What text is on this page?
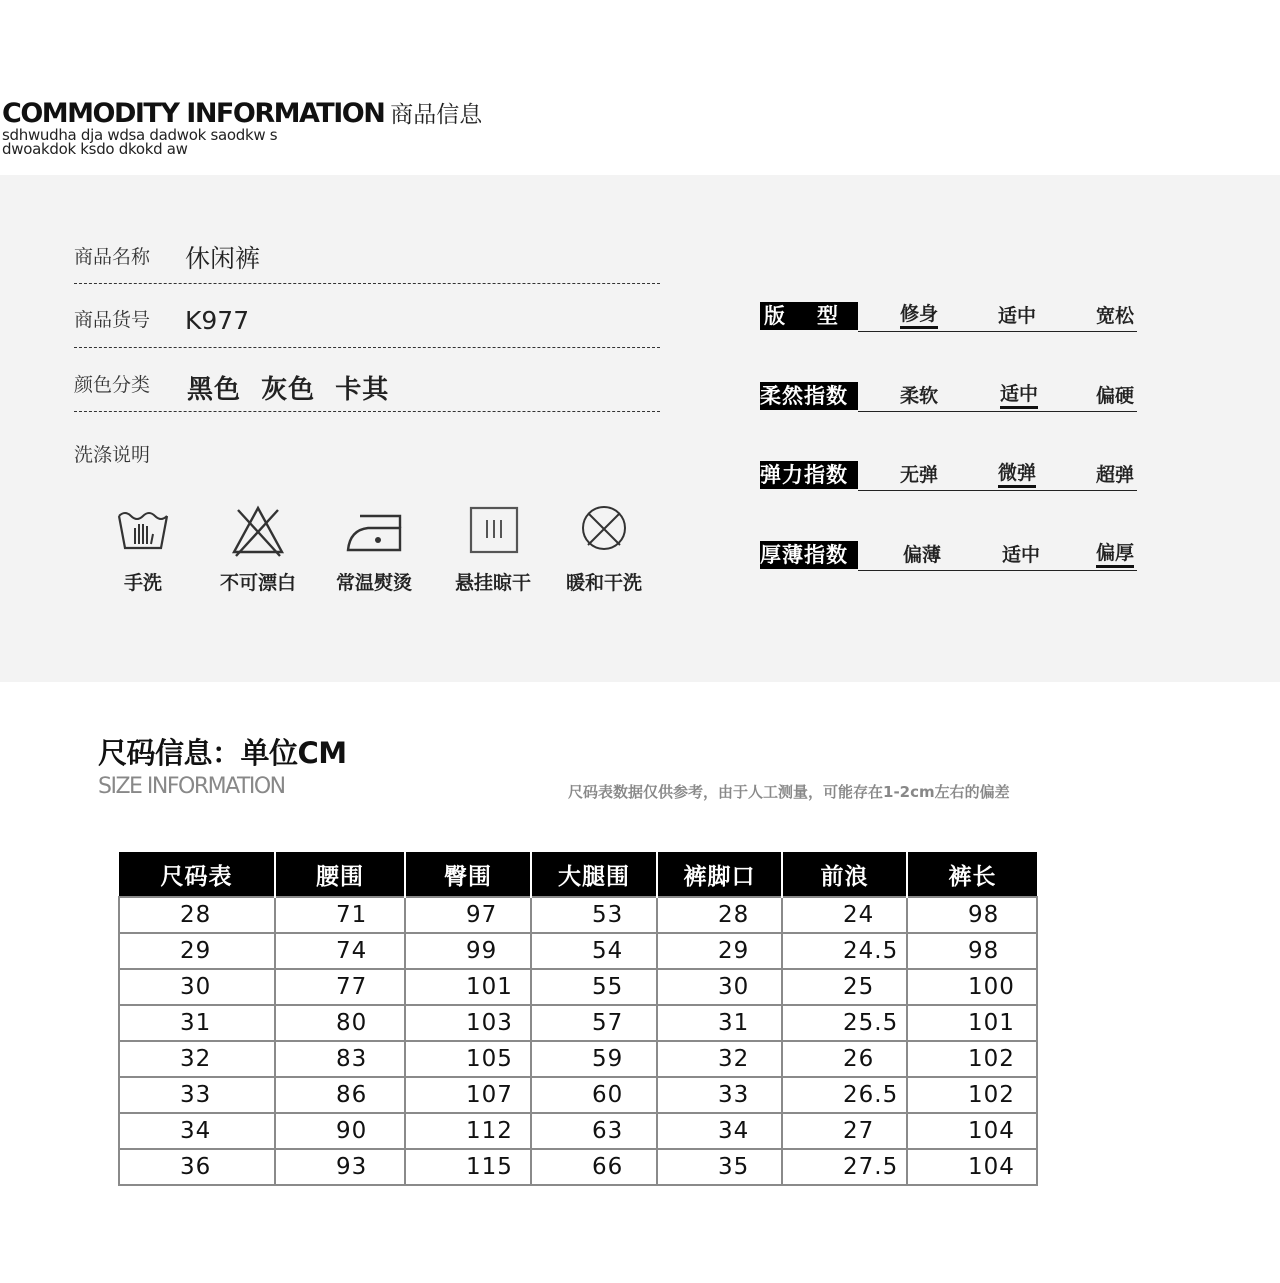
COMMODITY INFORMATION 商品信息
sdhwudha dja wdsa dadwok saodkw s
dwoakdok ksdo dkokd aw
商品名称 休闲裤
商品货号 K977
颜色分类 黑色  灰色  卡其
洗涤说明
手洗	不可漂白	常温熨烫	悬挂晾干	暖和干洗
版型 修身	适中	宽松
柔然指数	柔软	适中	偏硬
弹力指数	无弹	微弹	超弹
厚薄指数	偏薄	适中	偏厚
尺码信息：单位CM
SIZE INFORMATION	尺码表数据仅供参考，由于人工测量，可能存在1-2cm左右的偏差
尺码表	腰围	臀围	大腿围	裤脚口	前浪	裤长
28	71	97	53	28	24	98
29	74	99	54	29	24.5	98
30	77	101	55	30	25	100
31	80	103	57	31	25.5	101
32	83	105	59	32	26	102
33	86	107	60	33	26.5	102
34	90	112	63	34	27	104
36	93	115	66	35	27.5	104
